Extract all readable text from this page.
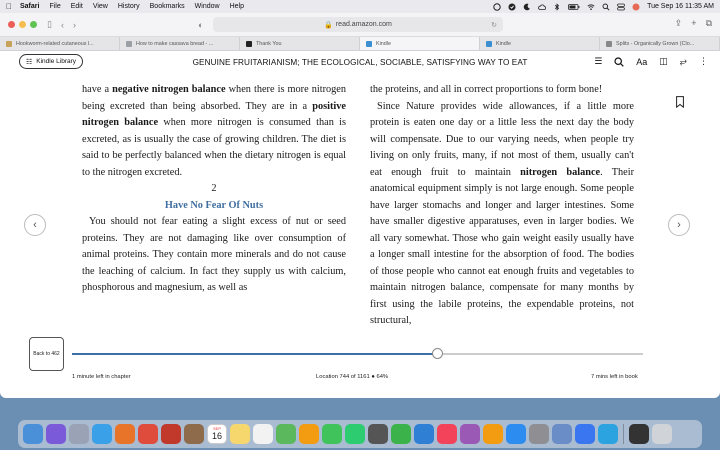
Safari File Edit View History Bookmarks Window Help	Tue Sep 16 11:35 AM
▯ ‹ ›	◐	🔒 read.amazon.com	↻	⇪ + ⧉
Hookworm-related cutaneous l...	How to make cassava bread - ...	Thank You	Kindle	Kindle	Splits - Organically Grown (Clo...
☷ Kindle Library	GENUINE FRUITARIANISM; THE ECOLOGICAL, SOCIABLE, SATISFYING WAY TO EAT	☰	Aa ◫ ⥂ ⋮

have a negative nitrogen balance when there is more nitrogen being excreted than being absorbed. They are in a positive nitrogen balance when more nitrogen is consumed than is excreted, as is usually the case of growing children. The diet is said to be perfectly balanced when the dietary nitrogen is equal to the nitrogen excreted.

2

Have No Fear Of Nuts

You should not fear eating a slight excess of nut or seed proteins. They are not damaging like over consumption of animal proteins. They contain more minerals and do not cause the leaching of calcium. In fact they supply us with calcium, phosphorous and magnesium, as well as

the proteins, and all in correct proportions to form bone!

Since Nature provides wide allowances, if a little more protein is eaten one day or a little less the next day the body will compensate. Due to our varying needs, when people try living on only fruits, many, if not most of them, usually can't eat enough fruit to maintain nitrogen balance. Their anatomical equipment simply is not large enough. Some people have larger stomachs and longer and larger intestines. Some have smaller digestive apparatuses, even in larger bodies. We all vary somewhat. Those who gain weight easily usually have a longer small intestine for the absorption of food. The bodies of those people who cannot eat enough fruits and vegetables to maintain nitrogen balance, compensate for many months by first using the labile proteins, the expendable proteins, not structural,

‹	›
Back to 462
1 minute left in chapter	Location 744 of 1161 ● 64%	7 mins left in book
SEP
16
